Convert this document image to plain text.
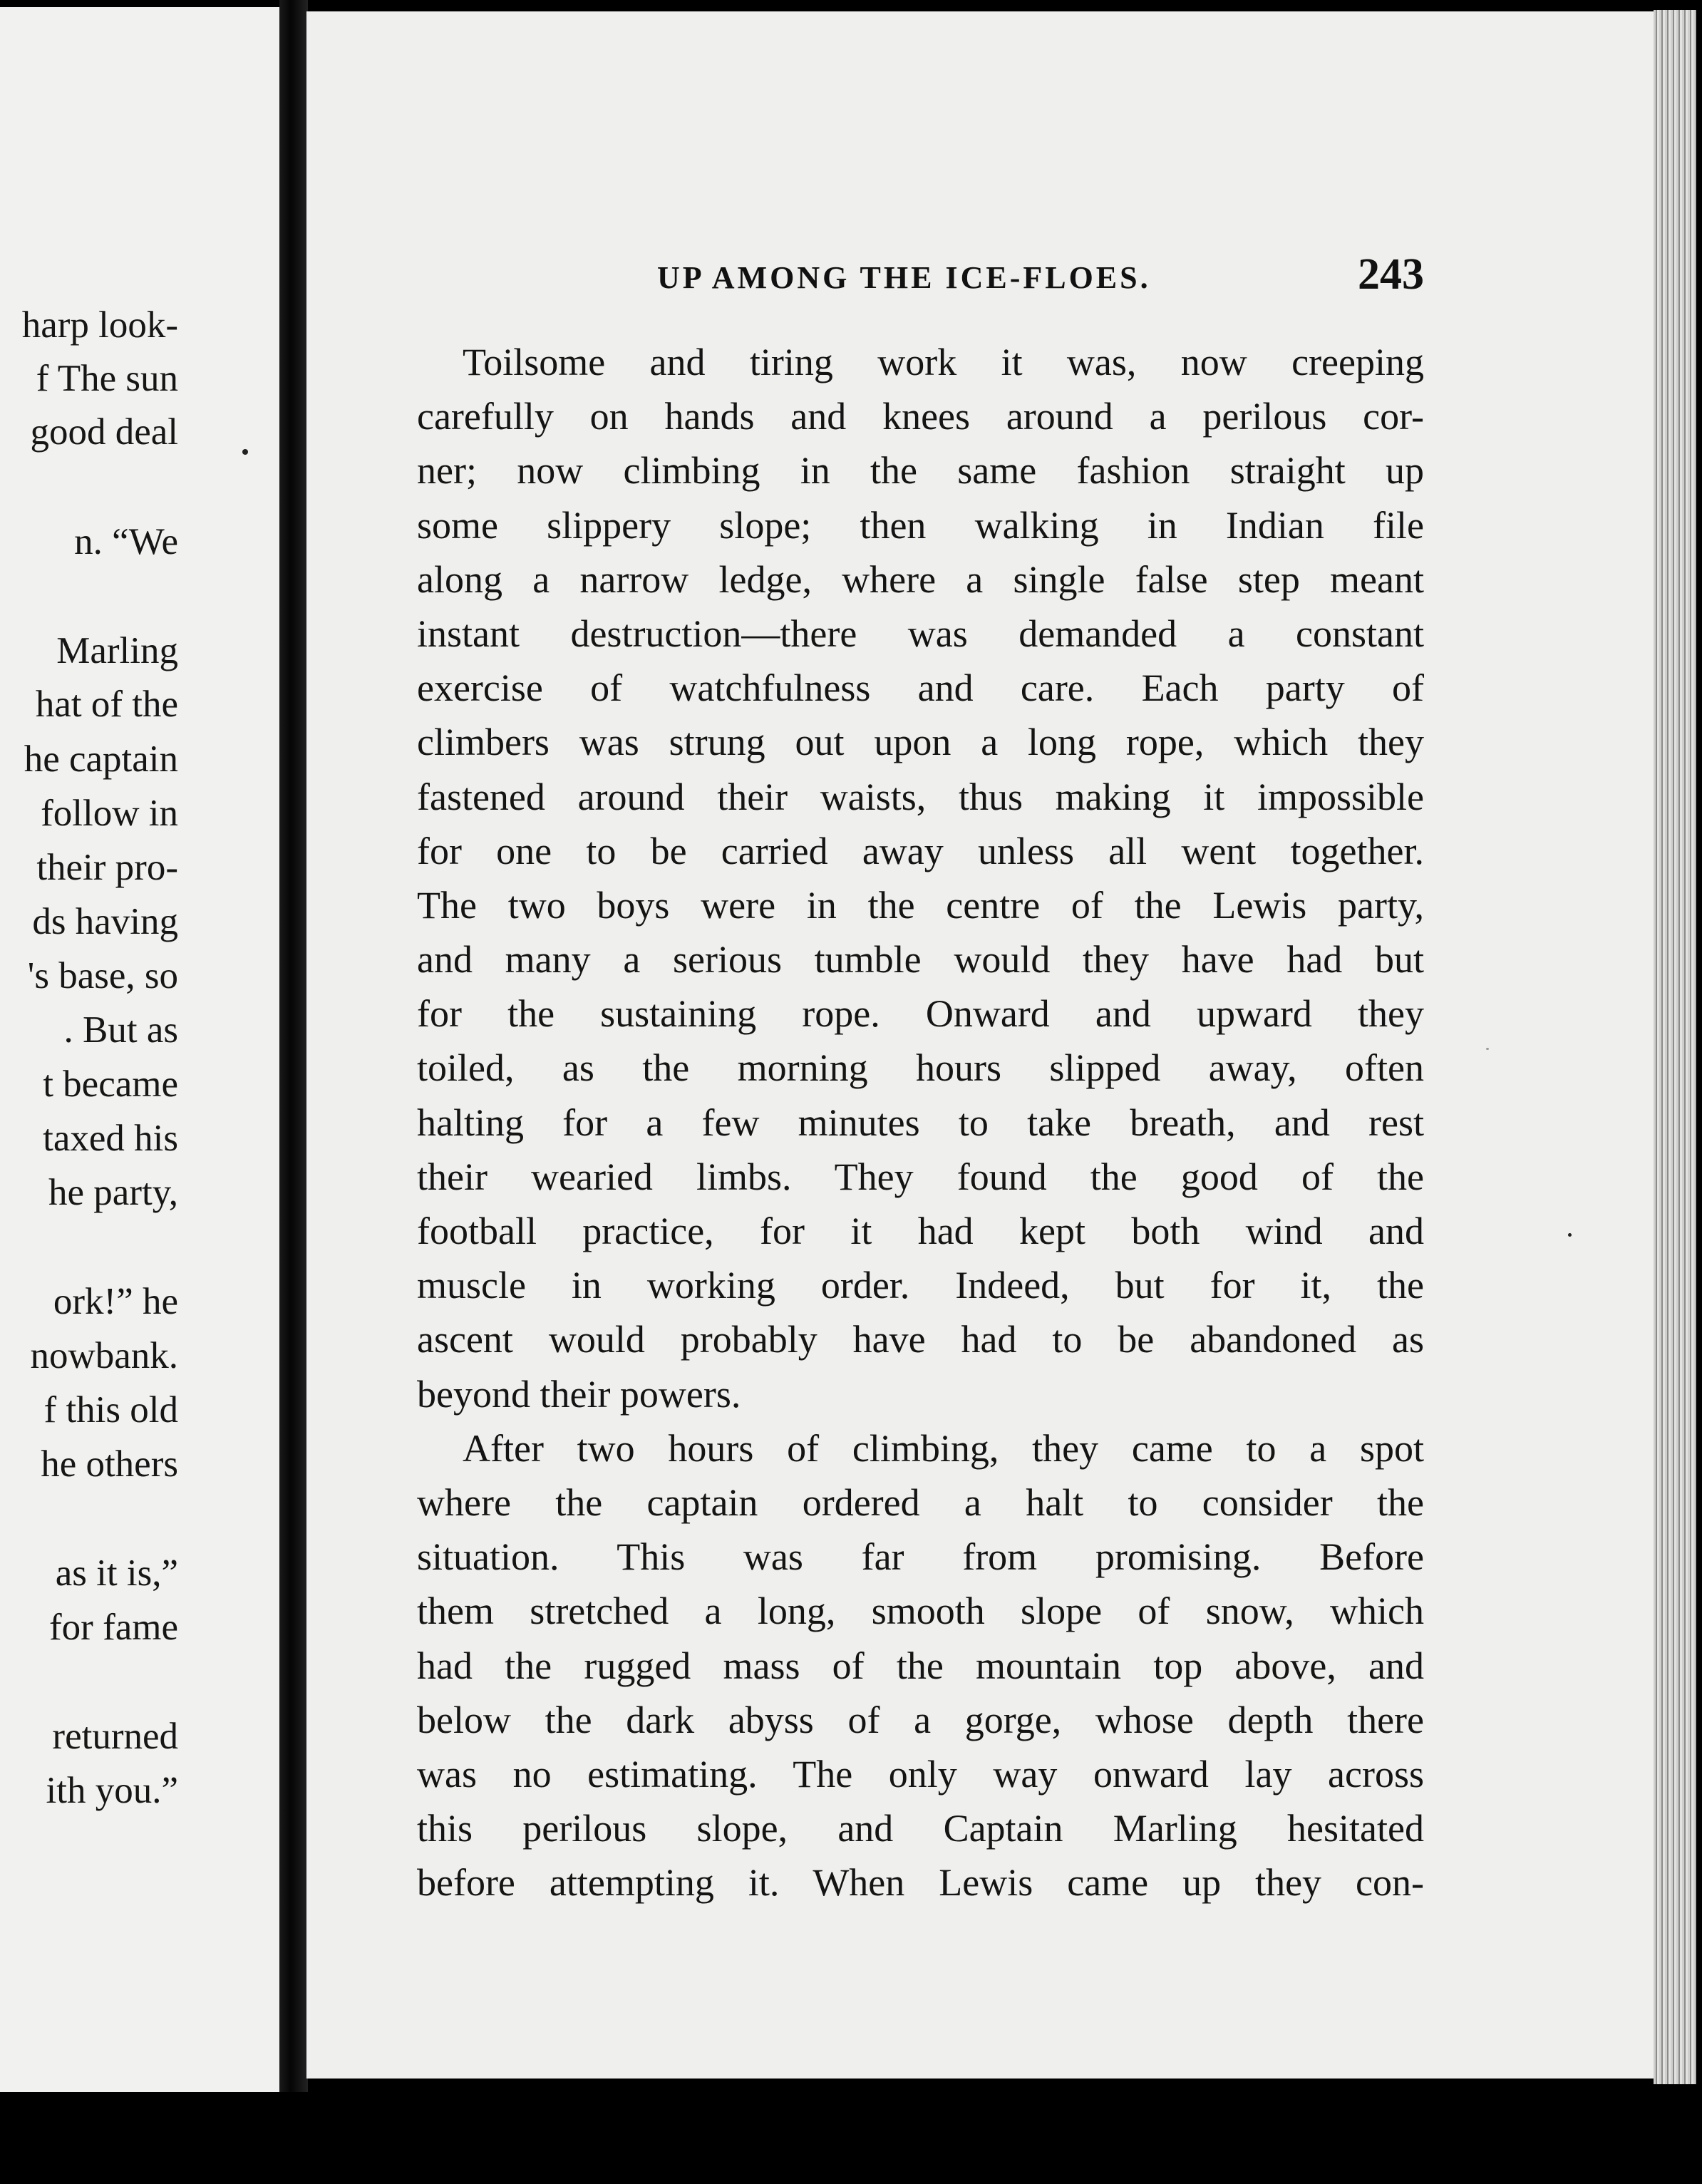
harp look-
f The sun
good deal
n. “We
Marling
hat of the
he captain
follow in
their pro-
ds having
's base, so
. But as
t became
taxed his
he party,
ork!” he
nowbank.
f this old
he others
as it is,”
for fame
returned
ith you.”
UP AMONG THE ICE-FLOES.	243
Toilsome and tiring work it was, now creeping
carefully on hands and knees around a perilous cor-
ner; now climbing in the same fashion straight up
some slippery slope; then walking in Indian file
along a narrow ledge, where a single false step meant
instant destruction—there was demanded a constant
exercise of watchfulness and care. Each party of
climbers was strung out upon a long rope, which they
fastened around their waists, thus making it impossible
for one to be carried away unless all went together.
The two boys were in the centre of the Lewis party,
and many a serious tumble would they have had but
for the sustaining rope. Onward and upward they
toiled, as the morning hours slipped away, often
halting for a few minutes to take breath, and rest
their wearied limbs. They found the good of the
football practice, for it had kept both wind and
muscle in working order. Indeed, but for it, the
ascent would probably have had to be abandoned as
beyond their powers.
After two hours of climbing, they came to a spot
where the captain ordered a halt to consider the
situation. This was far from promising. Before
them stretched a long, smooth slope of snow, which
had the rugged mass of the mountain top above, and
below the dark abyss of a gorge, whose depth there
was no estimating. The only way onward lay across
this perilous slope, and Captain Marling hesitated
before attempting it. When Lewis came up they con-
